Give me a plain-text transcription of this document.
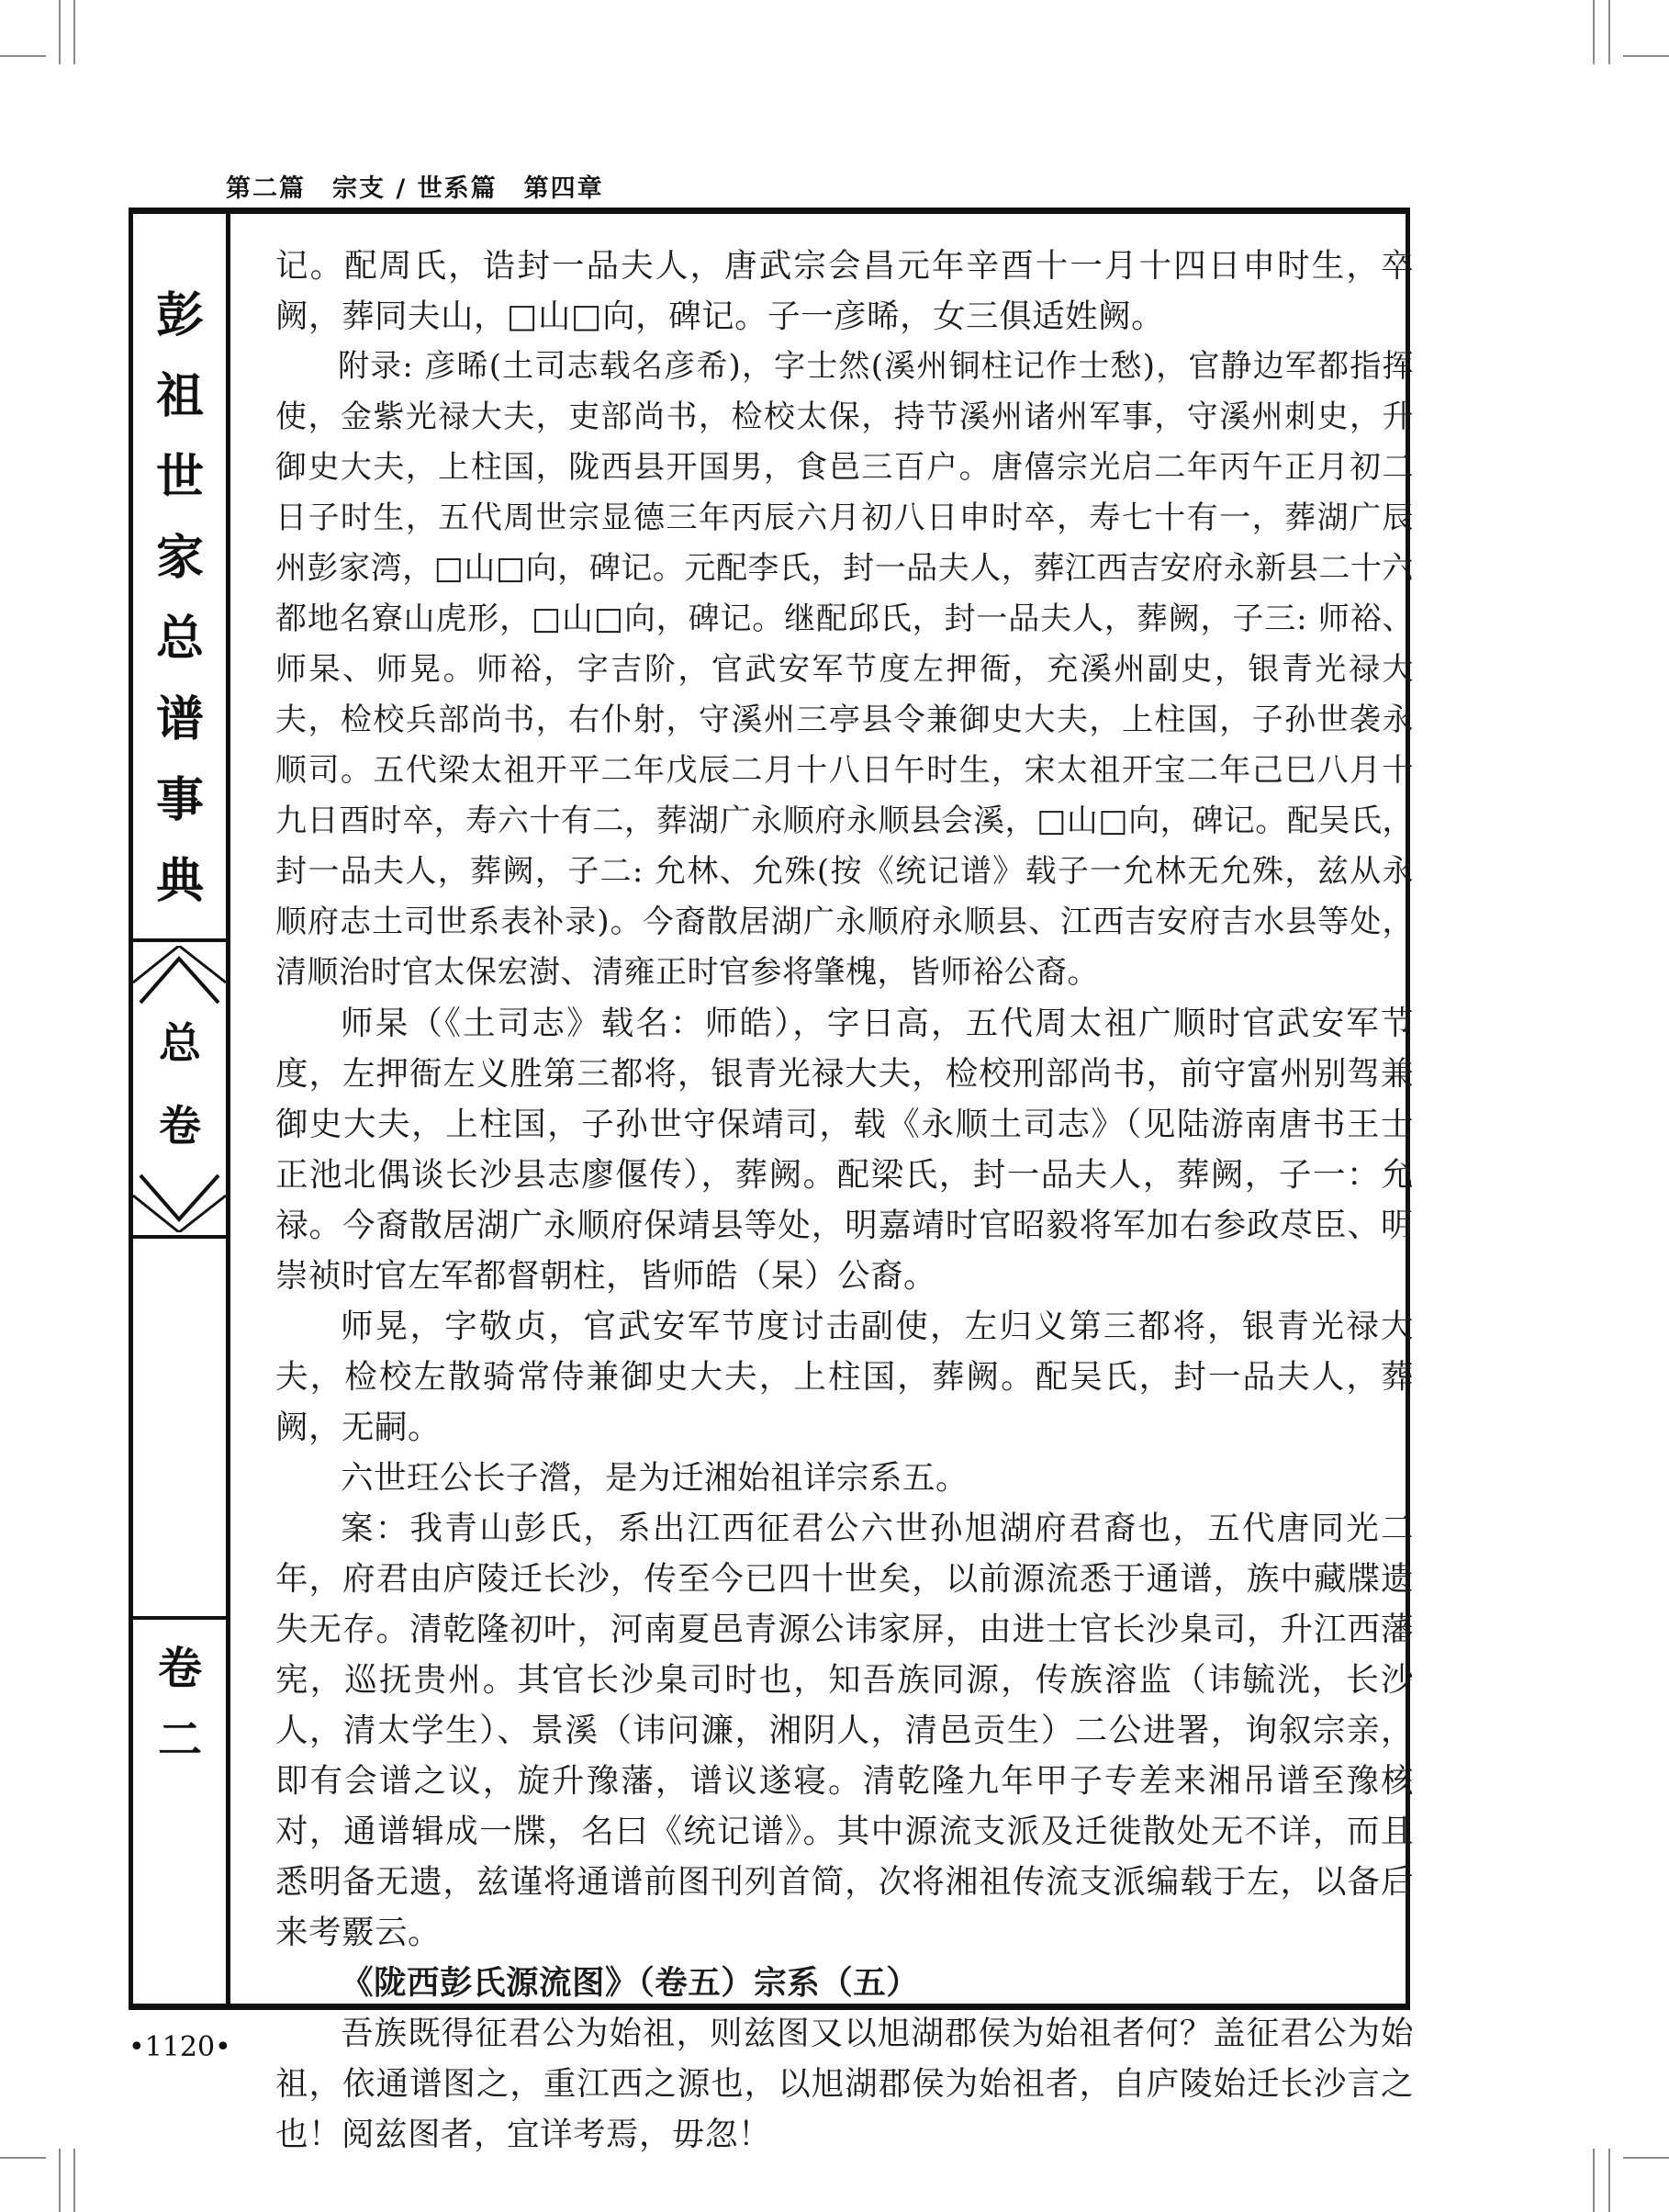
第二篇　宗支 / 世系篇　第四章
彭
祖
世
家
总
谱
事
典
总
卷
卷
二

记。配周氏，诰封一品夫人，唐武宗会昌元年辛酉十一月十四日申时生，卒阙，葬同夫山，□山□向，碑记。子一彦晞，女三俱适姓阙。

附录: 彦晞(土司志载名彦希)，字士然(溪州铜柱记作士愁)，官静边军都指挥使，金紫光禄大夫，吏部尚书，检校太保，持节溪州诸州军事，守溪州刺史，升御史大夫，上柱国，陇西县开国男，食邑三百户。唐僖宗光启二年丙午正月初二日子时生，五代周世宗显德三年丙辰六月初八日申时卒，寿七十有一，葬湖广辰州彭家湾，□山□向，碑记。元配李氏，封一品夫人，葬江西吉安府永新县二十六都地名寮山虎形，□山□向，碑记。继配邱氏，封一品夫人，葬阙，子三: 师裕、师杲、师晃。师裕，字吉阶，官武安军节度左押衙，充溪州副史，银青光禄大夫，检校兵部尚书，右仆射，守溪州三亭县令兼御史大夫，上柱国，子孙世袭永顺司。五代梁太祖开平二年戊辰二月十八日午时生，宋太祖开宝二年己巳八月十九日酉时卒，寿六十有二，葬湖广永顺府永顺县会溪，□山□向，碑记。配吴氏，封一品夫人，葬阙，子二: 允林、允殊(按《统记谱》载子一允林无允殊，兹从永顺府志土司世系表补录)。今裔散居湖广永顺府永顺县、江西吉安府吉水县等处，清顺治时官太保宏澍、清雍正时官参将肇槐，皆师裕公裔。

师杲（《土司志》载名：师皓），字日高，五代周太祖广顺时官武安军节度，左押衙左义胜第三都将，银青光禄大夫，检校刑部尚书，前守富州别驾兼御史大夫，上柱国，子孙世守保靖司，载《永顺土司志》（见陆游南唐书王士正池北偶谈长沙县志廖偃传），葬阙。配梁氏，封一品夫人，葬阙，子一：允禄。今裔散居湖广永顺府保靖县等处，明嘉靖时官昭毅将军加右参政荩臣、明崇祯时官左军都督朝柱，皆师皓（杲）公裔。

师晃，字敬贞，官武安军节度讨击副使，左归义第三都将，银青光禄大夫，检校左散骑常侍兼御史大夫，上柱国，葬阙。配吴氏，封一品夫人，葬阙，无嗣。

六世玨公长子瀯，是为迁湘始祖详宗系五。

案：我青山彭氏，系出江西征君公六世孙旭湖府君裔也，五代唐同光二年，府君由庐陵迁长沙，传至今已四十世矣，以前源流悉于通谱，族中藏牒遗失无存。清乾隆初叶，河南夏邑青源公讳家屏，由进士官长沙臬司，升江西藩宪，巡抚贵州。其官长沙臬司时也，知吾族同源，传族溶监（讳毓洸，长沙人，清太学生）、景溪（讳问濂，湘阴人，清邑贡生）二公进署，询叙宗亲，即有会谱之议，旋升豫藩，谱议遂寝。清乾隆九年甲子专差来湘吊谱至豫核对，通谱辑成一牒，名曰《统记谱》。其中源流支派及迁徙散处无不详，而且悉明备无遗，兹谨将通谱前图刊列首简，次将湘祖传流支派编载于左，以备后来考覈云。

《陇西彭氏源流图》（卷五）宗系（五）

吾族既得征君公为始祖，则兹图又以旭湖郡侯为始祖者何？盖征君公为始祖，依通谱图之，重江西之源也，以旭湖郡侯为始祖者，自庐陵始迁长沙言之也！阅兹图者，宜详考焉，毋忽！

•1120•
